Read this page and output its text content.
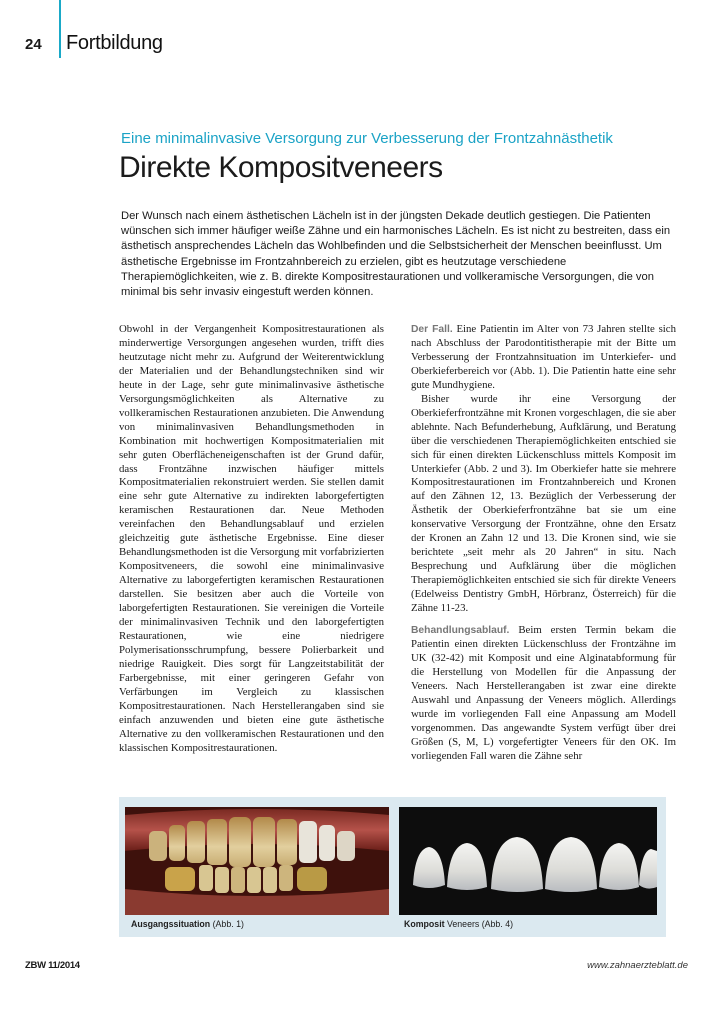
24 Fortbildung
Eine minimalinvasive Versorgung zur Verbesserung der Frontzahnästhetik
Direkte Kompositveneers
Der Wunsch nach einem ästhetischen Lächeln ist in der jüngsten Dekade deutlich gestiegen. Die Patienten wünschen sich immer häufiger weiße Zähne und ein harmonisches Lächeln. Es ist nicht zu bestreiten, dass ein ästhetisch ansprechendes Lächeln das Wohlbefinden und die Selbstsicherheit der Menschen beeinflusst. Um ästhetische Ergebnisse im Frontzahnbereich zu erzielen, gibt es heutzutage verschiedene Therapiemöglichkeiten, wie z. B. direkte Kompositrestaurationen und vollkeramische Versorgungen, die von minimal bis sehr invasiv eingestuft werden können.

Obwohl in der Vergangenheit Kompositrestaurationen als minderwertige Versorgungen angesehen wurden, trifft dies heutzutage nicht mehr zu. Aufgrund der Weiterentwicklung der Materialien und der Behandlungstechniken sind wir heute in der Lage, sehr gute minimalinvasive ästhetische Versorgungsmöglichkeiten als Alternative zu vollkeramischen Restaurationen anzubieten. Die Anwendung von minimalinvasiven Behandlungsmethoden in Kombination mit hochwertigen Kompositmaterialien mit sehr guten Oberflächeneigenschaften ist der Grund dafür, dass Frontzähne inzwischen häufiger mittels Kompositmaterialien rekonstruiert werden. Sie stellen damit eine sehr gute Alternative zu indirekten laborgefertigten keramischen Restaurationen dar. Neue Methoden vereinfachen den Behandlungsablauf und erzielen gleichzeitig gute ästhetische Ergebnisse. Eine dieser Behandlungsmethoden ist die Versorgung mit vorfabrizierten Kompositveneers, die sowohl eine minimalinvasive Alternative zu laborgefertigten keramischen Restaurationen darstellen. Sie besitzen aber auch die Vorteile von laborgefertigten Restaurationen. Sie vereinigen die Vorteile der minimalinvasiven Technik und den laborgefertigten Restaurationen, wie eine niedrigere Polymerisationsschrumpfung, bessere Polierbarkeit und niedrige Rauigkeit. Dies sorgt für Langzeitstabilität der Farbergebnisse, mit einer geringeren Gefahr von Verfärbungen im Vergleich zu klassischen Kompositrestaurationen. Nach Herstellerangaben sind sie einfach anzuwenden und bieten eine gute ästhetische Alternative zu den vollkeramischen Restaurationen und den klassischen Kompositrestaurationen.

Der Fall. Eine Patientin im Alter von 73 Jahren stellte sich nach Abschluss der Parodontitistherapie mit der Bitte um Verbesserung der Frontzahnsituation im Unterkiefer- und Oberkieferbereich vor (Abb. 1). Die Patientin hatte eine sehr gute Mundhygiene.

Bisher wurde ihr eine Versorgung der Oberkieferfrontzähne mit Kronen vorgeschlagen, die sie aber ablehnte. Nach Befunderhebung, Aufklärung, und Beratung über die verschiedenen Therapiemöglichkeiten entschied sie sich für einen direkten Lückenschluss mittels Komposit im Unterkiefer (Abb. 2 und 3). Im Oberkiefer hatte sie mehrere Kompositrestaurationen im Frontzahnbereich und Kronen auf den Zähnen 12, 13. Bezüglich der Verbesserung der Ästhetik der Oberkieferfrontzähne bat sie um eine konservative Versorgung der Frontzähne, ohne den Ersatz der Kronen an Zahn 12 und 13. Die Kronen sind, wie sie berichtete „seit mehr als 20 Jahren“ in situ. Nach Besprechung und Aufklärung über die möglichen Therapiemöglichkeiten entschied sie sich für direkte Veneers (Edelweiss Dentistry GmbH, Hörbranz, Österreich) für die Zähne 11-23.

Behandlungsablauf. Beim ersten Termin bekam die Patientin einen direkten Lückenschluss der Frontzähne im UK (32-42) mit Komposit und eine Alginatabformung für die Herstellung von Modellen für die Anpassung der Veneers. Nach Herstellerangaben ist zwar eine direkte Auswahl und Anpassung der Veneers möglich. Allerdings wurde im vorliegenden Fall eine Anpassung am Modell vorgenommen. Das angewandte System verfügt über drei Größen (S, M, L) vorgefertigter Veneers für den OK. Im vorliegenden Fall waren die Zähne sehr

Ausgangssituation (Abb. 1)	Komposit Veneers (Abb. 4)
ZBW 11/2014	www.zahnaerzteblatt.de
